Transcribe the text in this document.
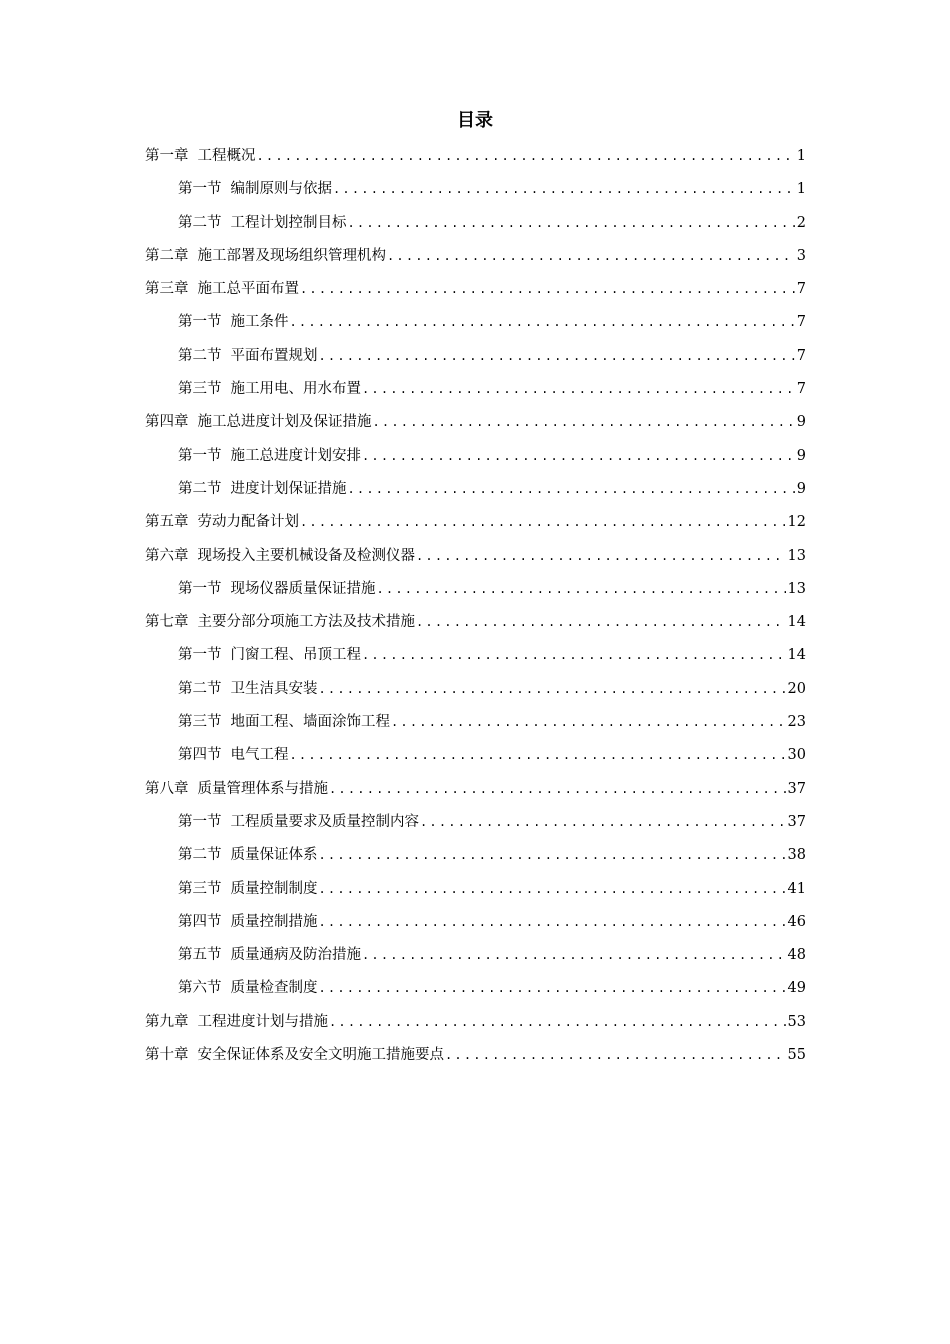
目录
第一章 工程概况 .....	1
第一节 编制原则与依据 .....	1
第二节 工程计划控制目标 .....	2
第二章 施工部署及现场组织管理机构 .....	3
第三章 施工总平面布置 .....	7
第一节 施工条件 .....	7
第二节 平面布置规划 .....	7
第三节 施工用电、用水布置 .....	7
第四章 施工总进度计划及保证措施 .....	9
第一节 施工总进度计划安排 .....	9
第二节 进度计划保证措施 .....	9
第五章 劳动力配备计划 .....	12
第六章 现场投入主要机械设备及检测仪器 .....	13
第一节 现场仪器质量保证措施 .....	13
第七章 主要分部分项施工方法及技术措施 .....	14
第一节 门窗工程、吊顶工程 .....	14
第二节 卫生洁具安装 .....	20
第三节 地面工程、墙面涂饰工程 .....	23
第四节 电气工程 .....	30
第八章 质量管理体系与措施 .....	37
第一节 工程质量要求及质量控制内容 .....	37
第二节 质量保证体系 .....	38
第三节 质量控制制度 .....	41
第四节 质量控制措施 .....	46
第五节 质量通病及防治措施 .....	48
第六节 质量检查制度 .....	49
第九章 工程进度计划与措施 .....	53
第十章 安全保证体系及安全文明施工措施要点 .....	55
